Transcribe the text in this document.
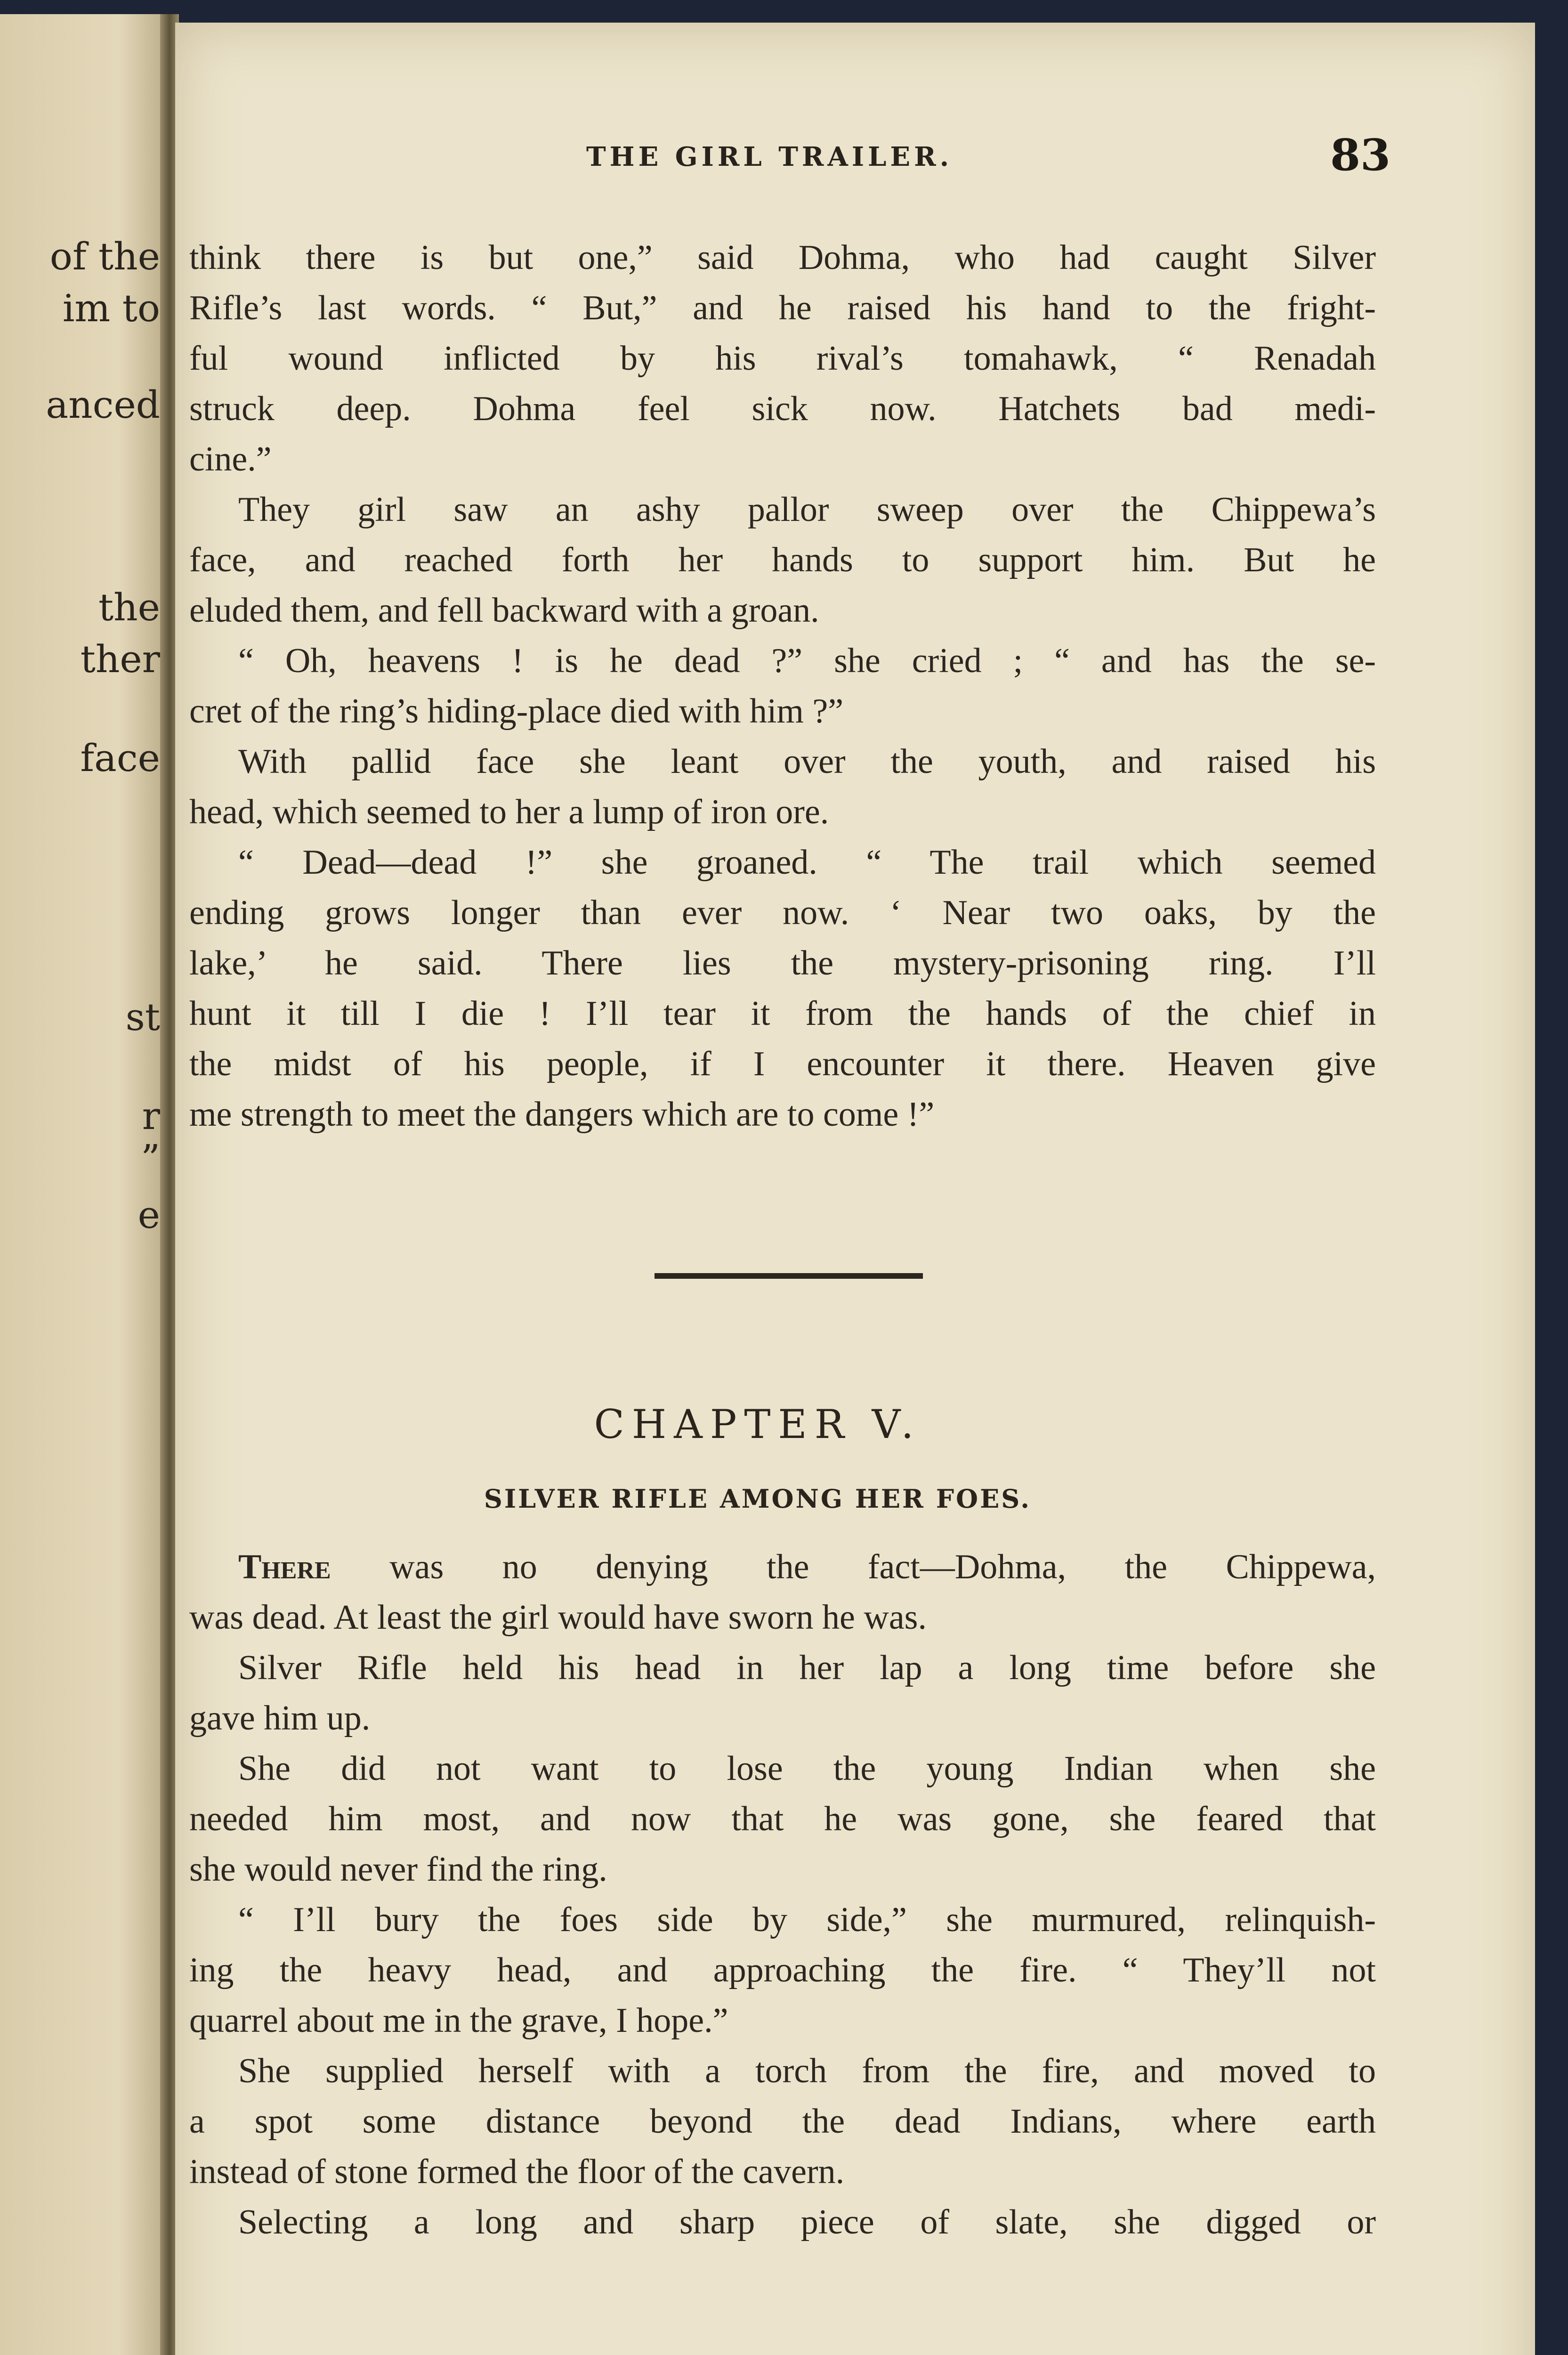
of the
im to
anced
the
ther
face
st
r
”
e
THE GIRL TRAILER.	83
think there is but one,” said Dohma, who had caught Silver
Rifle’s last words. “ But,” and he raised his hand to the fright-
ful wound inflicted by his rival’s tomahawk, “ Renadah
struck deep. Dohma feel sick now. Hatchets bad medi-
cine.”
They girl saw an ashy pallor sweep over the Chippewa’s
face, and reached forth her hands to support him. But he
eluded them, and fell backward with a groan.
“ Oh, heavens ! is he dead ?” she cried ; “ and has the se-
cret of the ring’s hiding-place died with him ?”
With pallid face she leant over the youth, and raised his
head, which seemed to her a lump of iron ore.
“ Dead—dead !” she groaned. “ The trail which seemed
ending grows longer than ever now. ‘ Near two oaks, by the
lake,’ he said. There lies the mystery-prisoning ring. I’ll
hunt it till I die ! I’ll tear it from the hands of the chief in
the midst of his people, if I encounter it there. Heaven give
me strength to meet the dangers which are to come !”
CHAPTER V.
SILVER RIFLE AMONG HER FOES.
There was no denying the fact—Dohma, the Chippewa,
was dead. At least the girl would have sworn he was.
Silver Rifle held his head in her lap a long time before she
gave him up.
She did not want to lose the young Indian when she
needed him most, and now that he was gone, she feared that
she would never find the ring.
“ I’ll bury the foes side by side,” she murmured, relinquish-
ing the heavy head, and approaching the fire. “ They’ll not
quarrel about me in the grave, I hope.”
She supplied herself with a torch from the fire, and moved to
a spot some distance beyond the dead Indians, where earth
instead of stone formed the floor of the cavern.
Selecting a long and sharp piece of slate, she digged or
